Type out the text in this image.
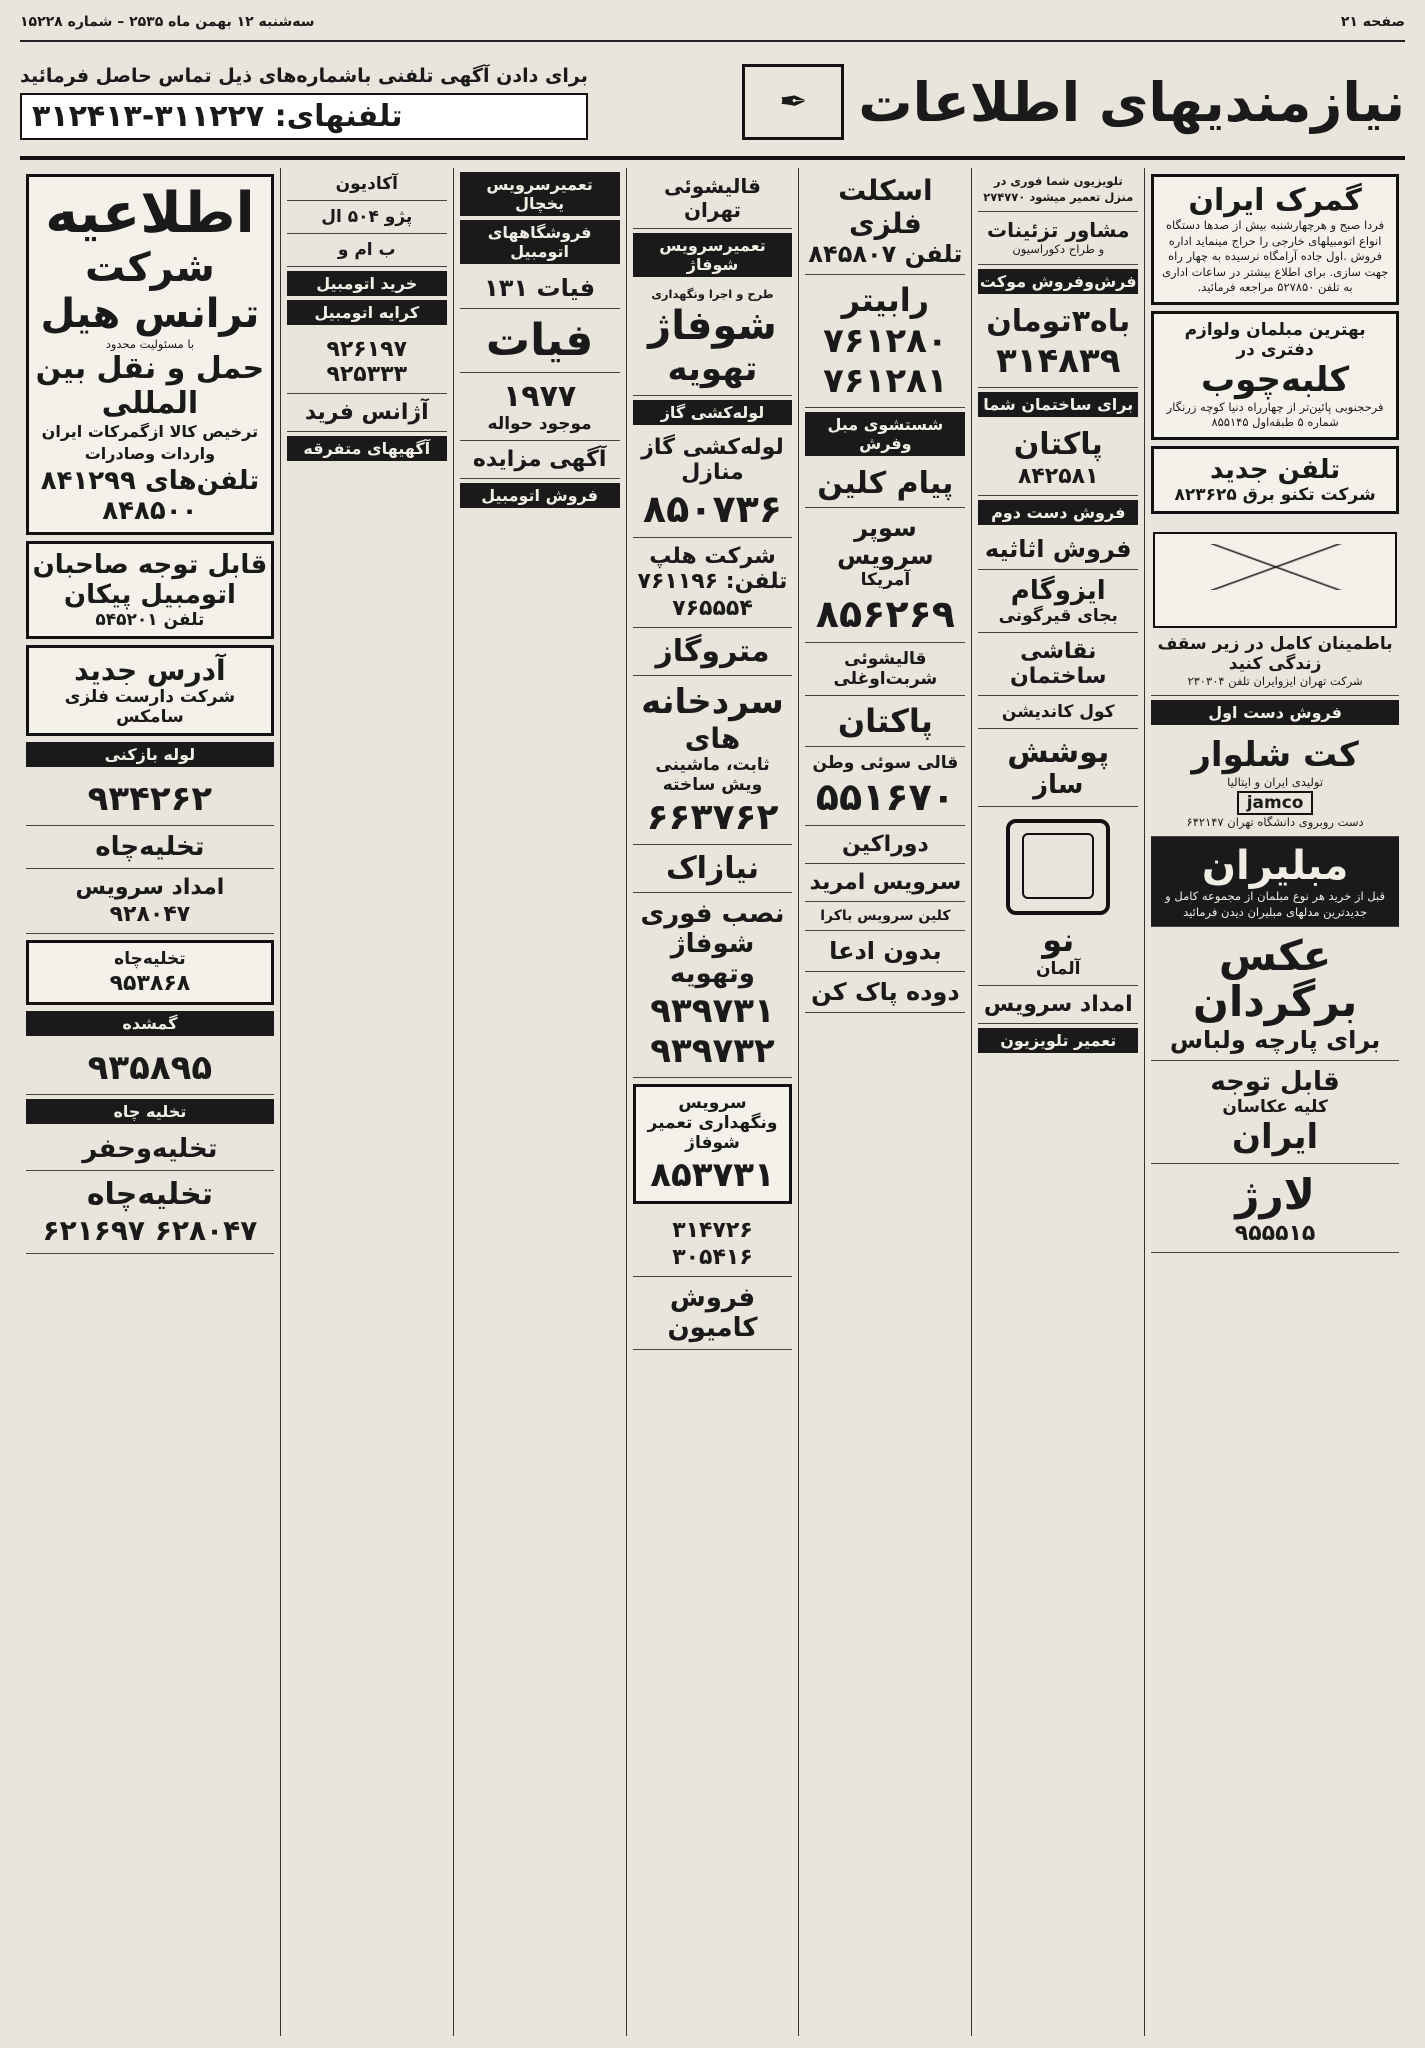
صفحه ۲۱
سه‌شنبه ۱۲ بهمن ماه ۲۵۳۵ – شماره ۱۵۲۲۸
نیازمندیهای اطلاعات
✒
برای دادن آگهی تلفنی باشماره‌های ذیل تماس حاصل فرمائید
تلفنهای: ۳۱۱۲۲۷-۳۱۲۴۱۳
گمرک ایران
فردا صبح و هرچهارشنبه بیش از صدها دستگاه انواع اتومبیلهای خارجی را حراج مینماید اداره فروش .اول جاده آرامگاه نرسیده به چهار راه جهت سازی. برای اطلاع بیشتر در ساعات اداری به تلفن ۵۲۷۸۵۰ مراجعه فرمائید.
بهترین مبلمان ولوازم دفتری در
کلبه‌چوب
فرحجنوبی پائین‌تر از چهارراه دنیا کوچه زرنگار شماره ۵ طبقه‌اول ۸۵۵۱۴۵
تلفن جدید
شرکت تکنو برق ۸۲۳۶۲۵
باطمینان کامل در زیر سقف زندگی کنید
شرکت تهران ایزوایران تلفن ۲۳۰۳۰۴
فروش دست اول
کت شلوار
تولیدی ایران و ایتالیا
jamco
دست روبروی دانشگاه تهران ۶۴۲۱۴۷
مبلیران
قبل از خرید هر نوع مبلمان از مجموعه کامل و جدیدترین مدلهای مبلیران دیدن فرمائید
عکس برگردان
برای پارچه ولباس
قابل توجه
کلیه عکاسان
ایران
لارژ
۹۵۵۵۱۵
تلویزیون شما فوری در منزل تعمیر میشود ۲۷۴۷۷۰
مشاور تزئینات
و طراح دکوراسیون
فرش‌وفروش موکت
باه۳تومان
۳۱۴۸۳۹
برای ساختمان شما
پاکتان
۸۴۲۵۸۱
فروش دست دوم
فروش اثاثیه
ایزوگام
بجای قیرگونی
نقاشی ساختمان
کول کاندیشن
پوشش
ساز
نو
آلمان
امداد سرویس
تعمیر تلویزیون
اسکلت فلزی
تلفن ۸۴۵۸۰۷
رابیتر
۷۶۱۲۸۰ ۷۶۱۲۸۱
شستشوی مبل وفرش
پیام کلین
سوپر سرویس
آمریکا
۸۵۶۲۶۹
قالیشوئی شربت‌اوغلی
پاکتان
قالی سوئی وطن
۵۵۱۶۷۰
دوراکین
سرویس امرید
کلین سرویس باکرا
بدون ادعا
دوده پاک کن
قالیشوئی تهران
تعمیرسرویس شوفاژ
طرح و اجرا ونگهداری
شوفاژ
تهویه
لوله‌کشی گاز
لوله‌کشی گاز منازل
۸۵۰۷۳۶
شرکت هلپ
تلفن: ۷۶۱۱۹۶
۷۶۵۵۵۴
متروگاز
سردخانه
های
ثابت، ماشینی ویش ساخته
۶۶۳۷۶۲
نیازاک
نصب فوری شوفاژ وتهویه
۹۳۹۷۳۱ ۹۳۹۷۳۲
سرویس ونگهداری تعمیر شوفاژ
۸۵۳۷۳۱
۳۱۴۷۲۶
۳۰۵۴۱۶
فروش کامیون
تعمیرسرویس یخچال
فروشگاههای اتومبیل
فیات ۱۳۱
فیات
۱۹۷۷
موجود حواله
آگهی مزایده
فروش اتومبیل
آکادیون
پژو ۵۰۴ ال
ب ام و
خرید اتومبیل
کرایه اتومبیل
۹۲۶۱۹۷ ۹۲۵۳۳۳
آژانس فرید
آگهیهای متفرقه
اطلاعیه
شرکت ترانس هیل
با مسئولیت محدود
حمل و نقل بین المللی
ترخیص کالا ازگمرکات ایران واردات وصادرات
تلفن‌های ۸۴۱۲۹۹ ۸۴۸۵۰۰
قابل توجه صاحبان
اتومبیل پیکان
تلفن ۵۴۵۲۰۱
آدرس جدید
شرکت دارست فلزی سامکس
لوله بازکنی
۹۳۴۲۶۲
تخلیه‌چاه
امداد سرویس
۹۲۸۰۴۷
تخلیه‌چاه
۹۵۳۸۶۸
گمشده
۹۳۵۸۹۵
تخلیه چاه
تخلیه‌وحفر
تخلیه‌چاه
۶۲۸۰۴۷ ۶۲۱۶۹۷
